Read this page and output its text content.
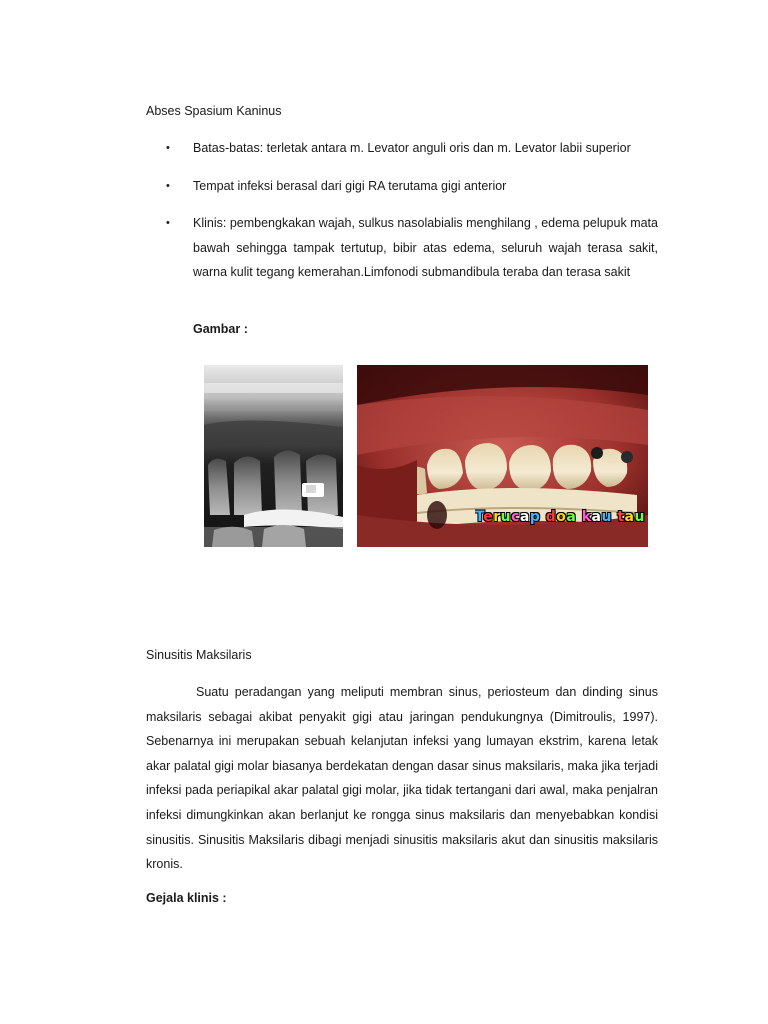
Abses Spasium Kaninus
• Batas-batas: terletak antara m. Levator anguli oris dan m. Levator labii superior
• Tempat infeksi berasal dari gigi RA terutama gigi anterior
• Klinis: pembengkakan wajah, sulkus nasolabialis menghilang , edema pelupuk mata bawah sehingga tampak tertutup, bibir atas edema, seluruh wajah terasa sakit, warna kulit tegang kemerahan.Limfonodi submandibula teraba dan terasa sakit
Gambar :
Terucap doa kau tau
Sinusitis Maksilaris
Suatu peradangan yang meliputi membran sinus, periosteum dan dinding sinus maksilaris sebagai akibat penyakit gigi atau jaringan pendukungnya (Dimitroulis, 1997). Sebenarnya ini merupakan sebuah kelanjutan infeksi yang lumayan ekstrim, karena letak akar palatal gigi molar biasanya berdekatan dengan dasar sinus maksilaris, maka jika terjadi infeksi pada periapikal akar palatal gigi molar, jika tidak tertangani dari awal, maka penjalran infeksi dimungkinkan akan berlanjut ke rongga sinus maksilaris dan menyebabkan kondisi sinusitis. Sinusitis Maksilaris dibagi menjadi sinusitis maksilaris akut dan sinusitis maksilaris kronis.
Gejala klinis :
